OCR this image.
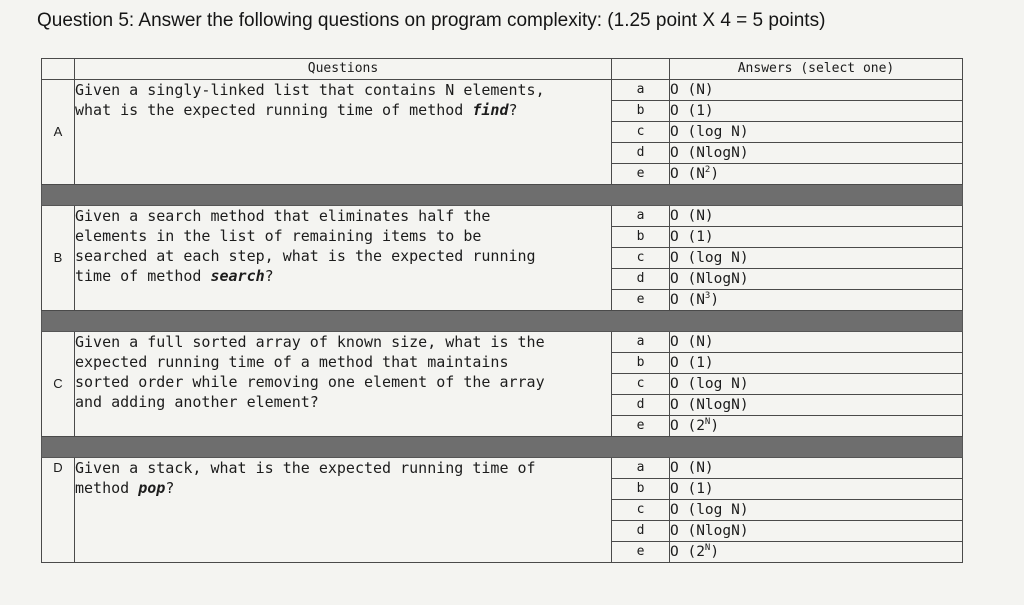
Question 5: Answer the following questions on program complexity: (1.25 point X 4 = 5 points)
	Questions		Answers (select one)
A	Given a singly-linked list that contains N elements,
what is the expected running time of method find?	a	O (N)
		b	O (1)
		c	O (log N)
		d	O (NlogN)
		e	O $(N^2)$

B	Given a search method that eliminates half the
elements in the list of remaining items to be
searched at each step, what is the expected running
time of method search?	a	O (N)
		b	O (1)
		c	O (log N)
		d	O (NlogN)
		e	O $(N^3)$

C	Given a full sorted array of known size, what is the
expected running time of a method that maintains
sorted order while removing one element of the array
and adding another element?	a	O (N)
		b	O (1)
		c	O (log N)
		d	O (NlogN)
		e	O $(2^N)$

D	Given a stack, what is the expected running time of
method pop?	a	O (N)
		b	O (1)
		c	O (log N)
		d	O (NlogN)
		e	O $(2^N)$
